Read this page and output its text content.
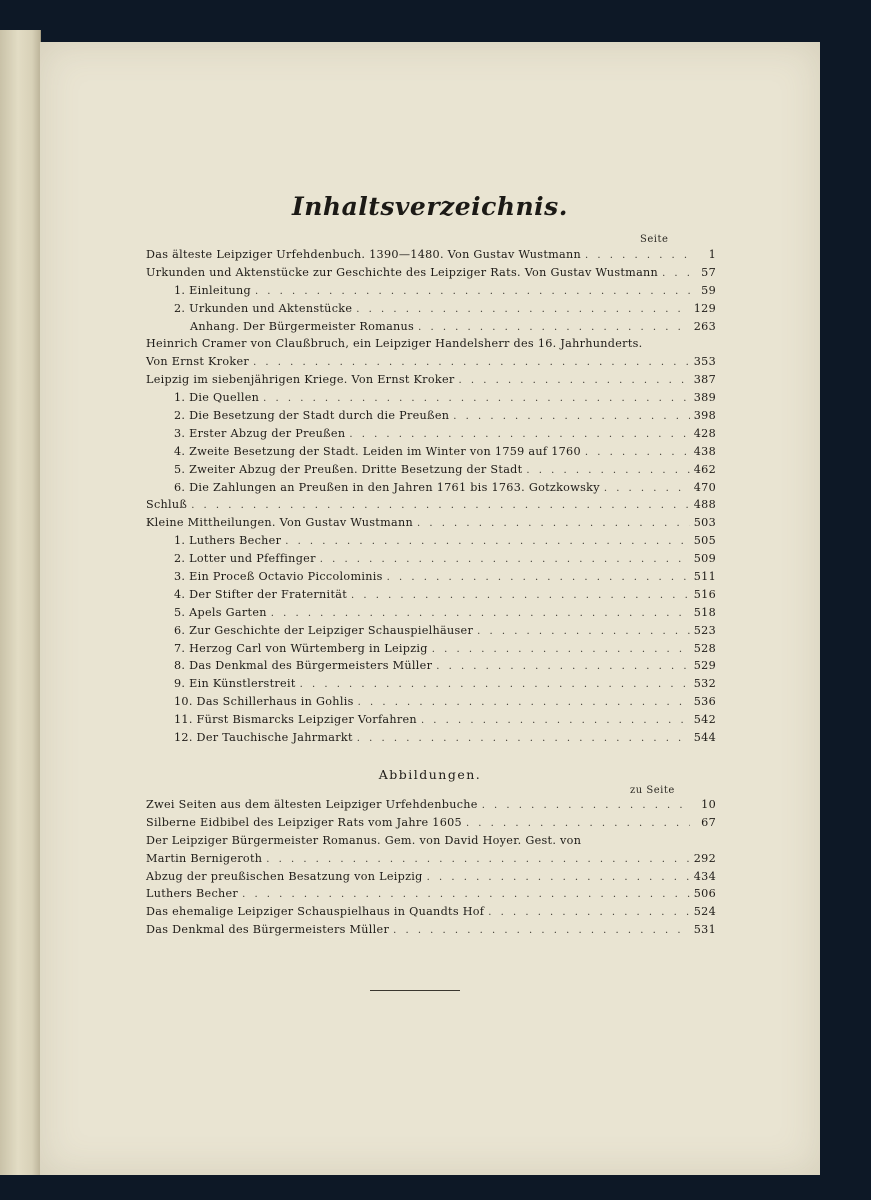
Inhaltsverzeichnis.
Seite
Das älteste Leipziger Urfehdenbuch. 1390—1480. Von Gustav Wustmann . . .	1
Urkunden und Aktenstücke zur Geschichte des Leipziger Rats. Von Gustav Wustmann . . .	57
1. Einleitung . . .	59
2. Urkunden und Aktenstücke . . .	129
Anhang. Der Bürgermeister Romanus . . .	263
Heinrich Cramer von Claußbruch, ein Leipziger Handelsherr des 16. Jahrhunderts.
Von Ernst Kroker . . .	353
Leipzig im siebenjährigen Kriege. Von Ernst Kroker . . .	387
1. Die Quellen . . .	389
2. Die Besetzung der Stadt durch die Preußen . . .	398
3. Erster Abzug der Preußen . . .	428
4. Zweite Besetzung der Stadt. Leiden im Winter von 1759 auf 1760 . . .	438
5. Zweiter Abzug der Preußen. Dritte Besetzung der Stadt . . .	462
6. Die Zahlungen an Preußen in den Jahren 1761 bis 1763. Gotzkowsky . . .	470
Schluß . . .	488
Kleine Mittheilungen. Von Gustav Wustmann . . .	503
1. Luthers Becher . . .	505
2. Lotter und Pfeffinger . . .	509
3. Ein Proceß Octavio Piccolominis . . .	511
4. Der Stifter der Fraternität . . .	516
5. Apels Garten . . .	518
6. Zur Geschichte der Leipziger Schauspielhäuser . . .	523
7. Herzog Carl von Würtemberg in Leipzig . . .	528
8. Das Denkmal des Bürgermeisters Müller . . .	529
9. Ein Künstlerstreit . . .	532
10. Das Schillerhaus in Gohlis . . .	536
11. Fürst Bismarcks Leipziger Vorfahren . . .	542
12. Der Tauchische Jahrmarkt . . .	544
Abbildungen.
zu Seite
Zwei Seiten aus dem ältesten Leipziger Urfehdenbuche . . .	10
Silberne Eidbibel des Leipziger Rats vom Jahre 1605 . . .	67
Der Leipziger Bürgermeister Romanus. Gem. von David Hoyer. Gest. von
Martin Bernigeroth . . .	292
Abzug der preußischen Besatzung von Leipzig . . .	434
Luthers Becher . . .	506
Das ehemalige Leipziger Schauspielhaus in Quandts Hof . . .	524
Das Denkmal des Bürgermeisters Müller . . .	531
